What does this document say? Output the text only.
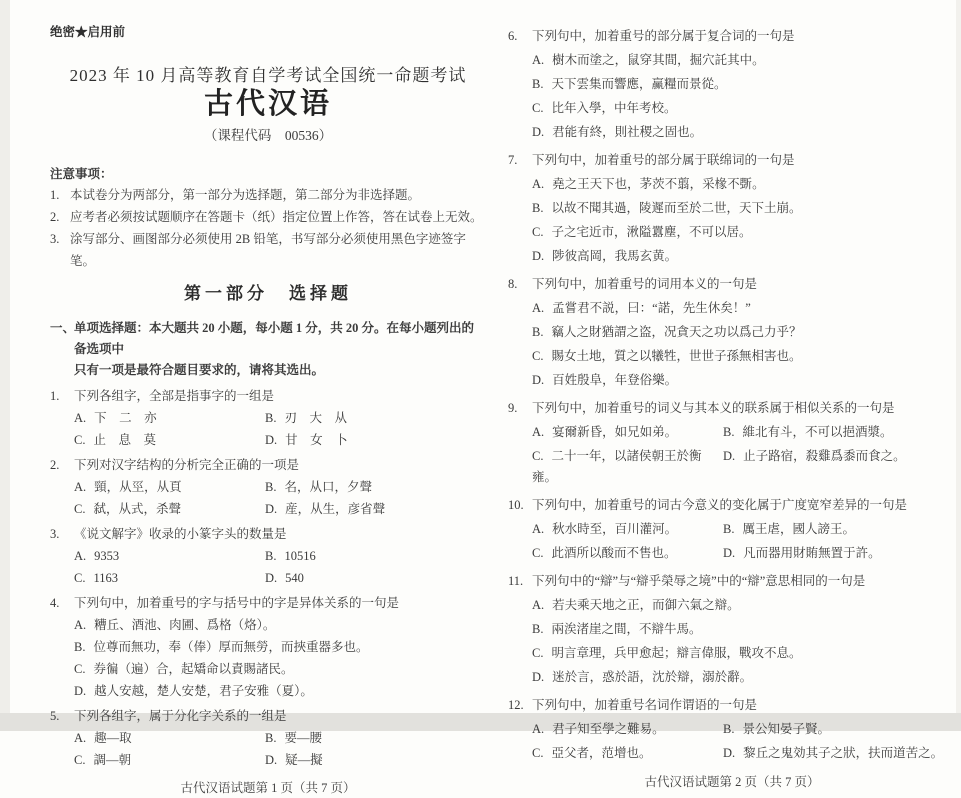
绝密★启用前
2023 年 10 月高等教育自学考试全国统一命题考试
古代汉语
（课程代码　00536）
注意事项：
1. 本试卷分为两部分，第一部分为选择题，第二部分为非选择题。
2. 应考者必须按试题顺序在答题卡（纸）指定位置上作答，答在试卷上无效。
3. 涂写部分、画图部分必须使用 2B 铅笔，书写部分必须使用黑色字迹签字笔。
第一部分　选择题
一、单项选择题：本大题共 20 小题，每小题 1 分，共 20 分。在每小题列出的备选项中
只有一项是最符合题目要求的，请将其选出。
1. 下列各组字，全部是指事字的一组是
A. 下　二　亦	B. 刃　大　从
C. 止　息　莫	D. 甘　女　卜
2. 下列对汉字结构的分析完全正确的一项是
A. 頸，从巠，从頁	B. 名，从口，夕聲
C. 弑，从式，杀聲	D. 産，从生，彦省聲
3. 《说文解字》收录的小篆字头的数量是
A. 9353	B. 10516
C. 1163	D. 540
4. 下列句中，加着重号的字与括号中的字是异体关系的一句是
A. 糟丘、酒池、肉圃、爲格（烙）。
B. 位尊而無功，奉（俸）厚而無勞，而挾重器多也。
C. 券徧（遍）合，起矯命以責賜諸民。
D. 越人安越，楚人安楚，君子安雅（夏）。
5. 下列各组字，属于分化字关系的一组是
A. 趣—取	B. 要—腰
C. 調—朝	D. 疑—擬
古代汉语试题第 1 页（共 7 页）
6. 下列句中，加着重号的部分属于复合词的一句是
A. 樹木而塗之，鼠穿其間，掘穴託其中。
B. 天下雲集而響應，赢糧而景從。
C. 比年入學，中年考校。
D. 君能有終，則社稷之固也。
7. 下列句中，加着重号的部分属于联绵词的一句是
A. 堯之王天下也，茅茨不翦，采椽不斲。
B. 以故不聞其過，陵遲而至於二世，天下土崩。
C. 子之宅近市，湫隘囂塵，不可以居。
D. 陟彼高岡，我馬玄黄。
8. 下列句中，加着重号的词用本义的一句是
A. 孟嘗君不説，曰：“諾，先生休矣！”
B. 竊人之財猶謂之盗，况貪天之功以爲己力乎？
C. 賜女土地，質之以犧牲，世世子孫無相害也。
D. 百姓殷阜，年登俗樂。
9. 下列句中，加着重号的词义与其本义的联系属于相似关系的一句是
A. 宴爾新昏，如兄如弟。	B. 維北有斗，不可以挹酒漿。
C. 二十一年，以諸侯朝王於衡雍。
D. 止子路宿，殺雞爲黍而食之。
10. 下列句中，加着重号的词古今意义的变化属于广度宽窄差异的一句是
A. 秋水時至，百川灌河。	B. 厲王虐，國人謗王。
C. 此酒所以酸而不售也。	D. 凡而器用財賄無置于許。
11. 下列句中的“辯”与“辯乎榮辱之境”中的“辯”意思相同的一句是
A. 若夫乘天地之正，而御六氣之辯。
B. 兩涘渚崖之間，不辯牛馬。
C. 明言章理，兵甲愈起；辯言偉服，戰攻不息。
D. 迷於言，惑於語，沈於辯，溺於辭。
12. 下列句中，加着重号名词作谓语的一句是
A. 君子知至學之難易。	B. 景公知晏子賢。
C. 亞父者，范增也。	D. 黎丘之鬼効其子之狀，扶而道苦之。
古代汉语试题第 2 页（共 7 页）
